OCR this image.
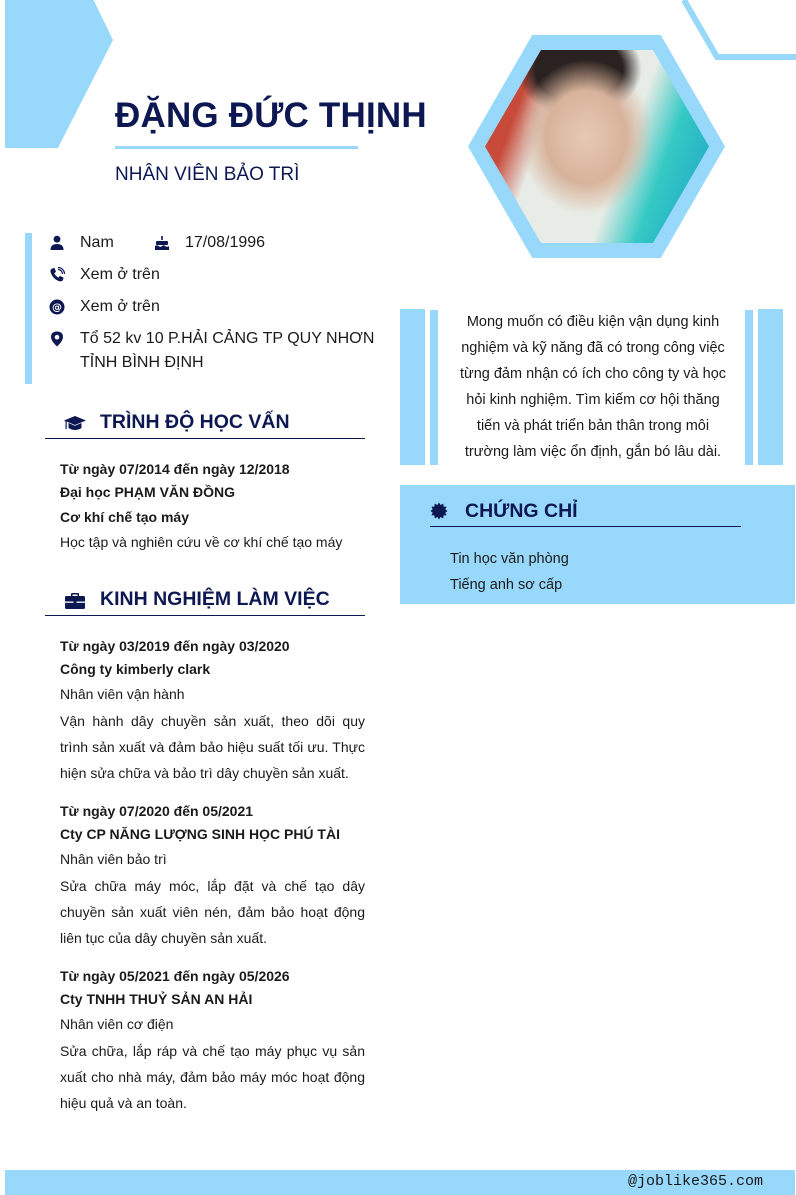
ĐẶNG ĐỨC THỊNH
NHÂN VIÊN BẢO TRÌ
Nam	17/08/1996
Xem ở trên
@ Xem ở trên
Tổ 52 kv 10 P.HẢI CẢNG TP QUY NHƠN TỈNH BÌNH ĐỊNH
Mong muốn có điều kiện vận dụng kinh nghiệm và kỹ năng đã có trong công việc từng đảm nhận có ích cho công ty và học hỏi kinh nghiệm. Tìm kiếm cơ hội thăng tiến và phát triển bản thân trong môi trường làm việc ổn định, gắn bó lâu dài.
CHỨNG CHỈ
Tin học văn phòng
Tiếng anh sơ cấp
TRÌNH ĐỘ HỌC VẤN
Từ ngày 07/2014 đến ngày 12/2018
Đại học PHẠM VĂN ĐỒNG
Cơ khí chế tạo máy
Học tập và nghiên cứu về cơ khí chế tạo máy
KINH NGHIỆM LÀM VIỆC
Từ ngày 03/2019 đến ngày 03/2020
Công ty kimberly clark
Nhân viên vận hành
Vận hành dây chuyền sản xuất, theo dõi quy trình sản xuất và đảm bảo hiệu suất tối ưu. Thực hiện sửa chữa và bảo trì dây chuyền sản xuất.
Từ ngày 07/2020 đến 05/2021
Cty CP NĂNG LƯỢNG SINH HỌC PHÚ TÀI
Nhân viên bảo trì
Sửa chữa máy móc, lắp đặt và chế tạo dây chuyền sản xuất viên nén, đảm bảo hoạt động liên tục của dây chuyền sản xuất.
Từ ngày 05/2021 đến ngày 05/2026
Cty TNHH THUỶ SẢN AN HẢI
Nhân viên cơ điện
Sửa chữa, lắp ráp và chế tạo máy phục vụ sản xuất cho nhà máy, đảm bảo máy móc hoạt động hiệu quả và an toàn.
@joblike365.com
